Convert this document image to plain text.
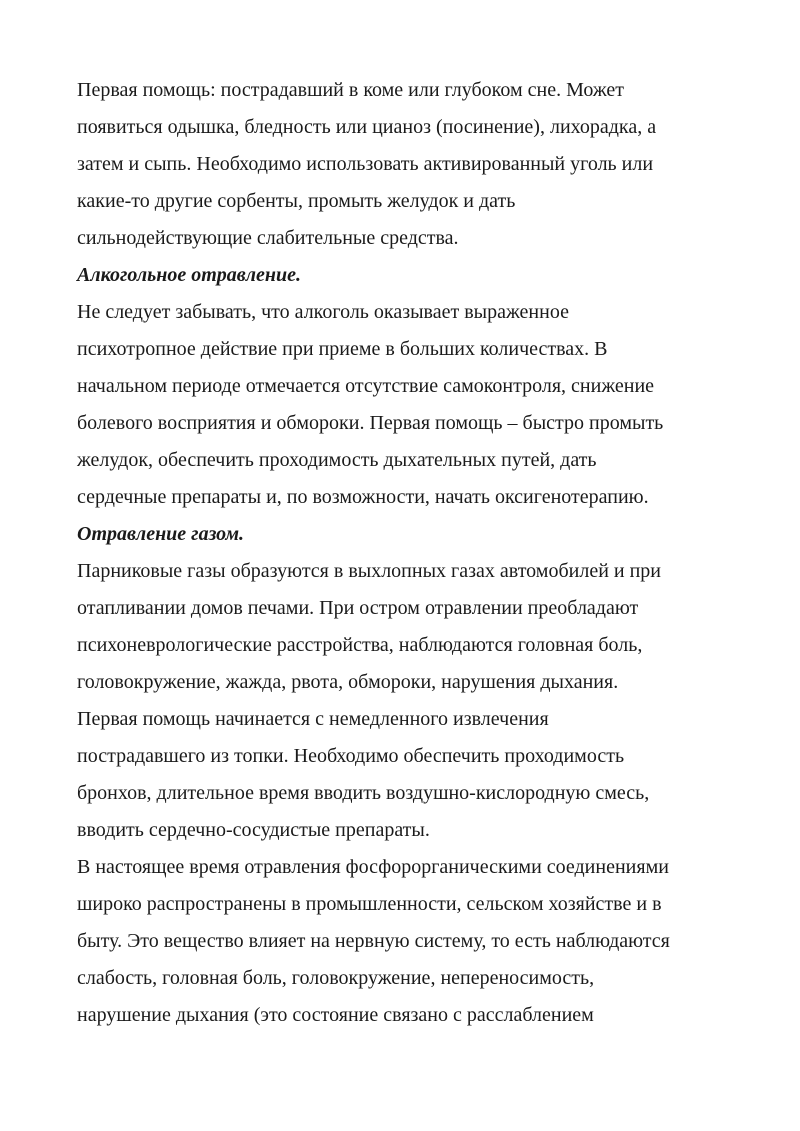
Первая помощь: пострадавший в коме или глубоком сне. Может
появиться одышка, бледность или цианоз (посинение), лихорадка, а
затем и сыпь. Необходимо использовать активированный уголь или
какие-то другие сорбенты, промыть желудок и дать
сильнодействующие слабительные средства.
Алкогольное отравление.
Не следует забывать, что алкоголь оказывает выраженное
психотропное действие при приеме в больших количествах. В
начальном периоде отмечается отсутствие самоконтроля, снижение
болевого восприятия и обмороки. Первая помощь – быстро промыть
желудок, обеспечить проходимость дыхательных путей, дать
сердечные препараты и, по возможности, начать оксигенотерапию.
Отравление газом.
Парниковые газы образуются в выхлопных газах автомобилей и при
отапливании домов печами. При остром отравлении преобладают
психоневрологические расстройства, наблюдаются головная боль,
головокружение, жажда, рвота, обмороки, нарушения дыхания.
Первая помощь начинается с немедленного извлечения
пострадавшего из топки. Необходимо обеспечить проходимость
бронхов, длительное время вводить воздушно-кислородную смесь,
вводить сердечно-сосудистые препараты.
В настоящее время отравления фосфорорганическими соединениями
широко распространены в промышленности, сельском хозяйстве и в
быту. Это вещество влияет на нервную систему, то есть наблюдаются
слабость, головная боль, головокружение, непереносимость,
нарушение дыхания (это состояние связано с расслаблением
